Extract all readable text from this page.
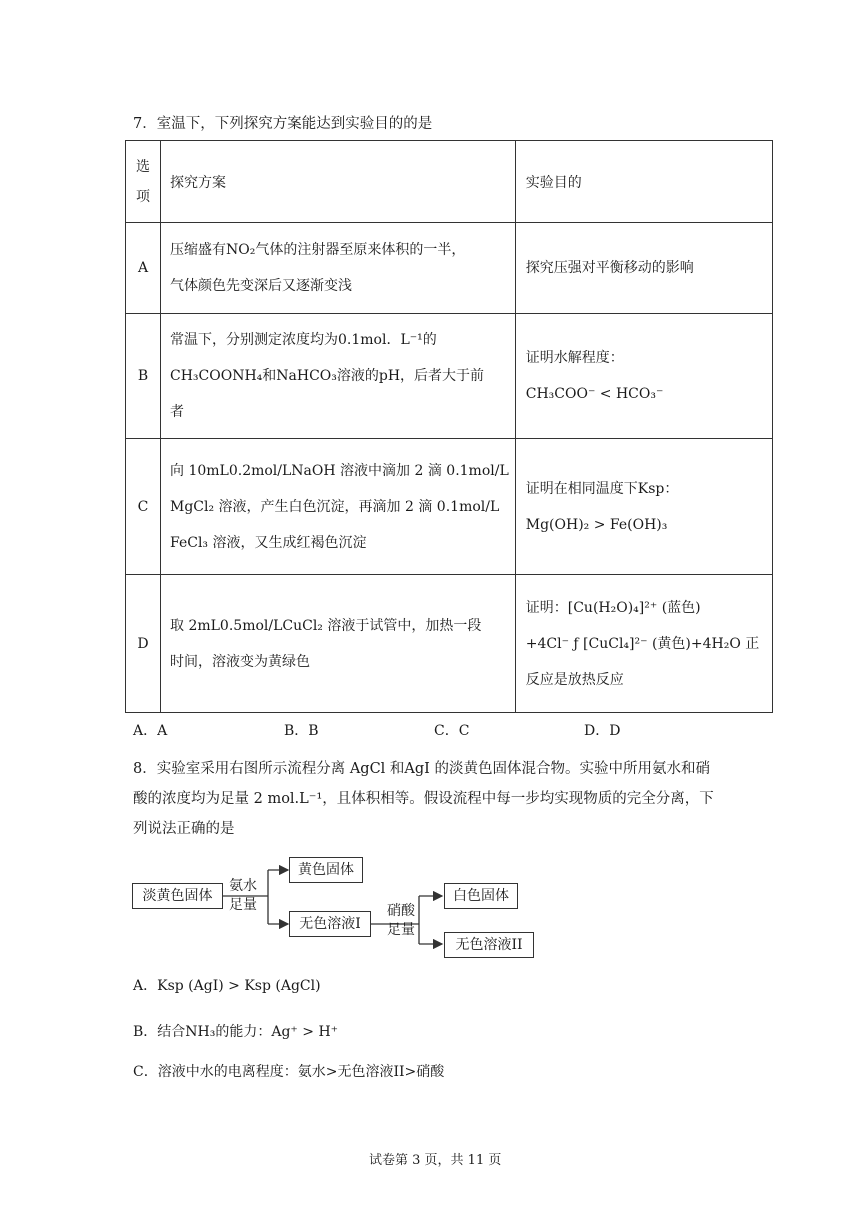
7．室温下，下列探究方案能达到实验目的的是
选
项	探究方案	实验目的
A	压缩盛有NO₂气体的注射器至原来体积的一半，
气体颜色先变深后又逐渐变浅	探究压强对平衡移动的影响

B	常温下，分别测定浓度均为0.1mol．L⁻¹的
CH₃COONH₄和NaHCO₃溶液的pH，后者大于前
者	证明水解程度：
CH₃COO⁻ < HCO₃⁻

C	向 10mL0.2mol/LNaOH 溶液中滴加 2 滴 0.1mol/L
MgCl₂ 溶液，产生白色沉淀，再滴加 2 滴 0.1mol/L
FeCl₃ 溶液，又生成红褐色沉淀	证明在相同温度下Ksp：
Mg(OH)₂ > Fe(OH)₃

D	取 2mL0.5mol/LCuCl₂ 溶液于试管中，加热一段
时间，溶液变为黄绿色	证明：[Cu(H₂O)₄]²⁺ (蓝色)
+4Cl⁻ ƒ [CuCl₄]²⁻ (黄色)+4H₂O 正
反应是放热反应
A．A	B．B	C．C	D．D
8．实验室采用右图所示流程分离 AgCl 和AgI 的淡黄色固体混合物。实验中所用氨水和硝
酸的浓度均为足量 2 mol.L⁻¹，且体积相等。假设流程中每一步均实现物质的完全分离，下
列说法正确的是
淡黄色固体
氨水
足量
黄色固体
无色溶液I
硝酸
足量
白色固体
无色溶液II
A．Ksp (AgI) > Ksp (AgCl)
B．结合NH₃的能力：Ag⁺ > H⁺
C．溶液中水的电离程度：氨水>无色溶液II>硝酸
试卷第 3 页，共 11 页
